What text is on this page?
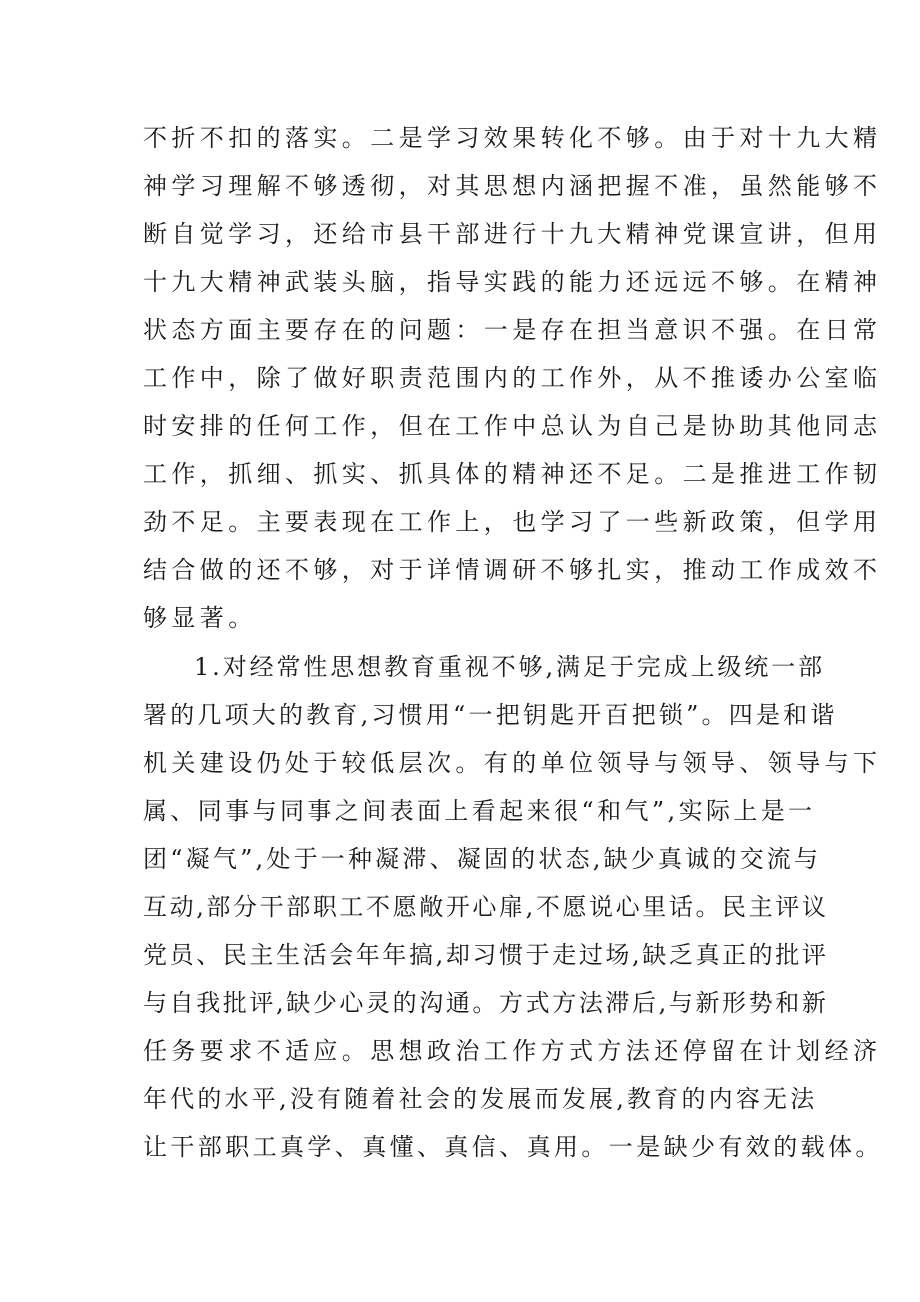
不折不扣的落实。二是学习效果转化不够。由于对十九大精

神学习理解不够透彻，对其思想内涵把握不准，虽然能够不

断自觉学习，还给市县干部进行十九大精神党课宣讲，但用

十九大精神武装头脑，指导实践的能力还远远不够。在精神

状态方面主要存在的问题：一是存在担当意识不强。在日常

工作中，除了做好职责范围内的工作外，从不推诿办公室临

时安排的任何工作，但在工作中总认为自己是协助其他同志

工作，抓细、抓实、抓具体的精神还不足。二是推进工作韧

劲不足。主要表现在工作上，也学习了一些新政策，但学用

结合做的还不够，对于详情调研不够扎实，推动工作成效不

够显著。

1.对经常性思想教育重视不够,满足于完成上级统一部

署的几项大的教育,习惯用“一把钥匙开百把锁”。四是和谐

机关建设仍处于较低层次。有的单位领导与领导、领导与下

属、同事与同事之间表面上看起来很“和气”,实际上是一

团“凝气”,处于一种凝滞、凝固的状态,缺少真诚的交流与

互动,部分干部职工不愿敞开心扉,不愿说心里话。民主评议

党员、民主生活会年年搞,却习惯于走过场,缺乏真正的批评

与自我批评,缺少心灵的沟通。方式方法滞后,与新形势和新

任务要求不适应。思想政治工作方式方法还停留在计划经济

年代的水平,没有随着社会的发展而发展,教育的内容无法

让干部职工真学、真懂、真信、真用。一是缺少有效的载体。
